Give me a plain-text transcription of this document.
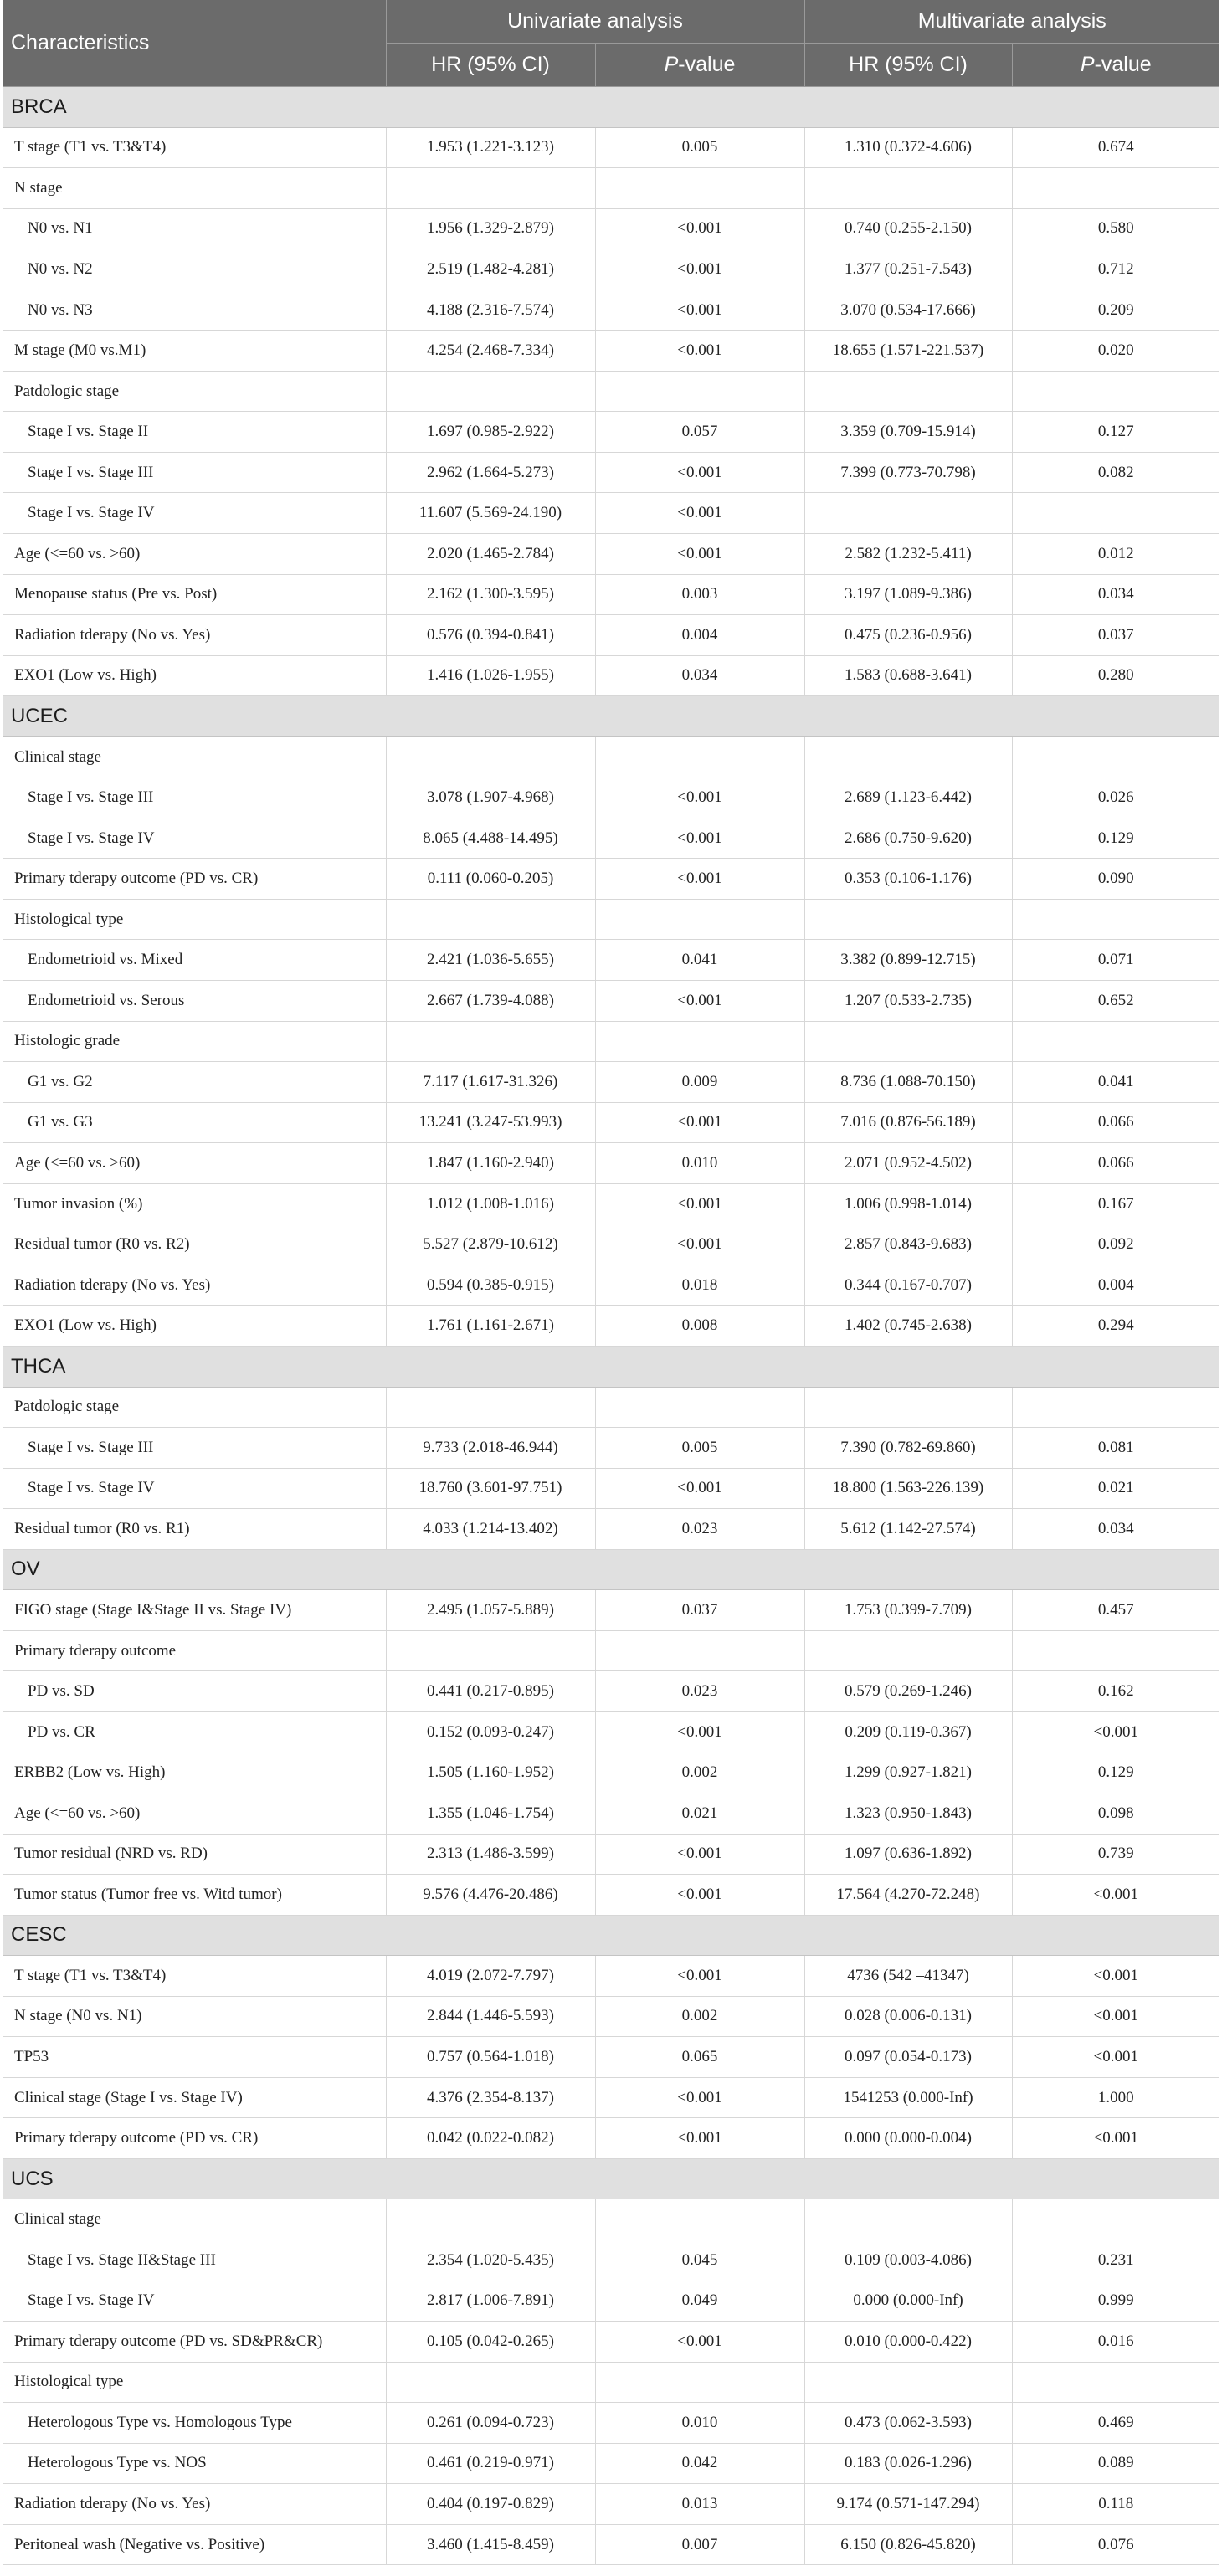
Characteristics	Univariate analysis		Multivariate analysis	
	HR (95% CI)	P-value	HR (95% CI)	P-value
BRCA				
T stage (T1 vs. T3&T4)	1.953 (1.221-3.123)	0.005	1.310 (0.372-4.606)	0.674
N stage				
N0 vs. N1	1.956 (1.329-2.879)	<0.001	0.740 (0.255-2.150)	0.580
N0 vs. N2	2.519 (1.482-4.281)	<0.001	1.377 (0.251-7.543)	0.712
N0 vs. N3	4.188 (2.316-7.574)	<0.001	3.070 (0.534-17.666)	0.209
M stage (M0 vs.M1)	4.254 (2.468-7.334)	<0.001	18.655 (1.571-221.537)	0.020
Patdologic stage				
Stage I vs. Stage II	1.697 (0.985-2.922)	0.057	3.359 (0.709-15.914)	0.127
Stage I vs. Stage III	2.962 (1.664-5.273)	<0.001	7.399 (0.773-70.798)	0.082
Stage I vs. Stage IV	11.607 (5.569-24.190)	<0.001		
Age (<=60 vs. >60)	2.020 (1.465-2.784)	<0.001	2.582 (1.232-5.411)	0.012
Menopause status (Pre vs. Post)	2.162 (1.300-3.595)	0.003	3.197 (1.089-9.386)	0.034
Radiation tderapy (No vs. Yes)	0.576 (0.394-0.841)	0.004	0.475 (0.236-0.956)	0.037
EXO1 (Low vs. High)	1.416 (1.026-1.955)	0.034	1.583 (0.688-3.641)	0.280
UCEC				
Clinical stage				
Stage I vs. Stage III	3.078 (1.907-4.968)	<0.001	2.689 (1.123-6.442)	0.026
Stage I vs. Stage IV	8.065 (4.488-14.495)	<0.001	2.686 (0.750-9.620)	0.129
Primary tderapy outcome (PD vs. CR)	0.111 (0.060-0.205)	<0.001	0.353 (0.106-1.176)	0.090
Histological type				
Endometrioid vs. Mixed	2.421 (1.036-5.655)	0.041	3.382 (0.899-12.715)	0.071
Endometrioid vs. Serous	2.667 (1.739-4.088)	<0.001	1.207 (0.533-2.735)	0.652
Histologic grade				
G1 vs. G2	7.117 (1.617-31.326)	0.009	8.736 (1.088-70.150)	0.041
G1 vs. G3	13.241 (3.247-53.993)	<0.001	7.016 (0.876-56.189)	0.066
Age (<=60 vs. >60)	1.847 (1.160-2.940)	0.010	2.071 (0.952-4.502)	0.066
Tumor invasion (%)	1.012 (1.008-1.016)	<0.001	1.006 (0.998-1.014)	0.167
Residual tumor (R0 vs. R2)	5.527 (2.879-10.612)	<0.001	2.857 (0.843-9.683)	0.092
Radiation tderapy (No vs. Yes)	0.594 (0.385-0.915)	0.018	0.344 (0.167-0.707)	0.004
EXO1 (Low vs. High)	1.761 (1.161-2.671)	0.008	1.402 (0.745-2.638)	0.294
THCA				
Patdologic stage				
Stage I vs. Stage III	9.733 (2.018-46.944)	0.005	7.390 (0.782-69.860)	0.081
Stage I vs. Stage IV	18.760 (3.601-97.751)	<0.001	18.800 (1.563-226.139)	0.021
Residual tumor (R0 vs. R1)	4.033 (1.214-13.402)	0.023	5.612 (1.142-27.574)	0.034
OV				
FIGO stage (Stage I&Stage II vs. Stage IV)	2.495 (1.057-5.889)	0.037	1.753 (0.399-7.709)	0.457
Primary tderapy outcome				
PD vs. SD	0.441 (0.217-0.895)	0.023	0.579 (0.269-1.246)	0.162
PD vs. CR	0.152 (0.093-0.247)	<0.001	0.209 (0.119-0.367)	<0.001
ERBB2 (Low vs. High)	1.505 (1.160-1.952)	0.002	1.299 (0.927-1.821)	0.129
Age (<=60 vs. >60)	1.355 (1.046-1.754)	0.021	1.323 (0.950-1.843)	0.098
Tumor residual (NRD vs. RD)	2.313 (1.486-3.599)	<0.001	1.097 (0.636-1.892)	0.739
Tumor status (Tumor free vs. Witd tumor)	9.576 (4.476-20.486)	<0.001	17.564 (4.270-72.248)	<0.001
CESC				
T stage (T1 vs. T3&T4)	4.019 (2.072-7.797)	<0.001	4736 (542 –41347)	<0.001
N stage (N0 vs. N1)	2.844 (1.446-5.593)	0.002	0.028 (0.006-0.131)	<0.001
TP53	0.757 (0.564-1.018)	0.065	0.097 (0.054-0.173)	<0.001
Clinical stage (Stage I vs. Stage IV)	4.376 (2.354-8.137)	<0.001	1541253 (0.000-Inf)	1.000
Primary tderapy outcome (PD vs. CR)	0.042 (0.022-0.082)	<0.001	0.000 (0.000-0.004)	<0.001
UCS				
Clinical stage				
Stage I vs. Stage II&Stage III	2.354 (1.020-5.435)	0.045	0.109 (0.003-4.086)	0.231
Stage I vs. Stage IV	2.817 (1.006-7.891)	0.049	0.000 (0.000-Inf)	0.999
Primary tderapy outcome (PD vs. SD&PR&CR)	0.105 (0.042-0.265)	<0.001	0.010 (0.000-0.422)	0.016
Histological type				
Heterologous Type vs. Homologous Type	0.261 (0.094-0.723)	0.010	0.473 (0.062-3.593)	0.469
Heterologous Type vs. NOS	0.461 (0.219-0.971)	0.042	0.183 (0.026-1.296)	0.089
Radiation tderapy (No vs. Yes)	0.404 (0.197-0.829)	0.013	9.174 (0.571-147.294)	0.118
Peritoneal wash (Negative vs. Positive)	3.460 (1.415-8.459)	0.007	6.150 (0.826-45.820)	0.076
